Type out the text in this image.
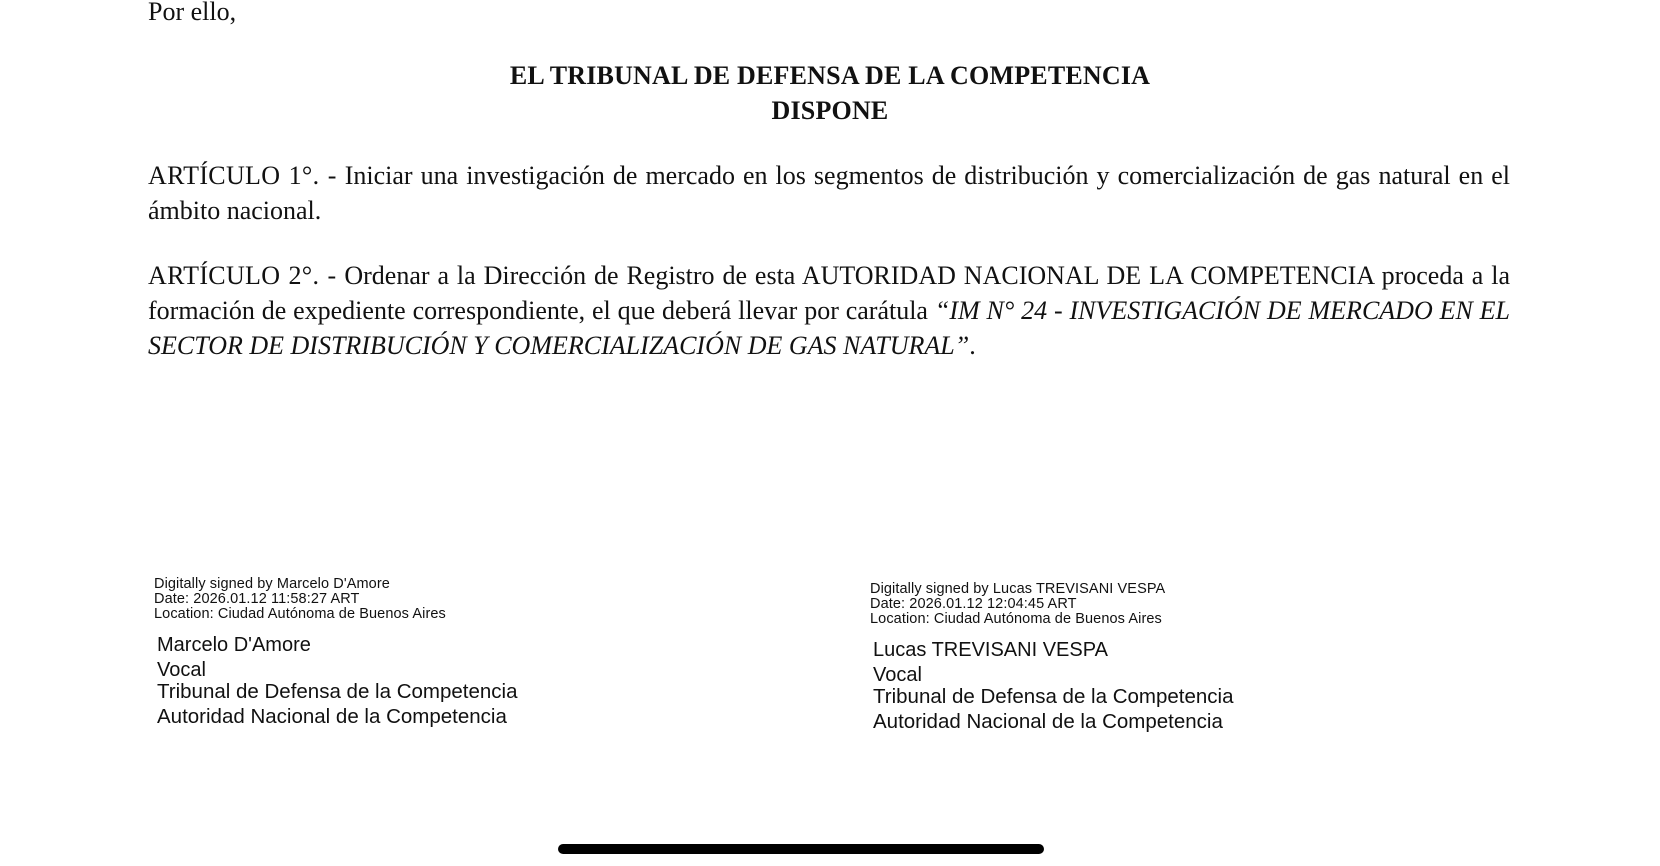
Por ello,
EL TRIBUNAL DE DEFENSA DE LA COMPETENCIA
DISPONE
ARTÍCULO 1°. - Iniciar una investigación de mercado en los segmentos de distribución y comercialización de gas natural en el ámbito nacional.
ARTÍCULO 2°. - Ordenar a la Dirección de Registro de esta AUTORIDAD NACIONAL DE LA COMPETENCIA proceda a la formación de expediente correspondiente, el que deberá llevar por carátula “IM N° 24 - INVESTIGACIÓN DE MERCADO EN EL SECTOR DE DISTRIBUCIÓN Y COMERCIALIZACIÓN DE GAS NATURAL”.
Digitally signed by Marcelo D'Amore
Date: 2026.01.12 11:58:27 ART
Location: Ciudad Autónoma de Buenos Aires
Marcelo D'Amore
Vocal
Tribunal de Defensa de la Competencia
Autoridad Nacional de la Competencia
Digitally signed by Lucas TREVISANI VESPA
Date: 2026.01.12 12:04:45 ART
Location: Ciudad Autónoma de Buenos Aires
Lucas TREVISANI VESPA
Vocal
Tribunal de Defensa de la Competencia
Autoridad Nacional de la Competencia
